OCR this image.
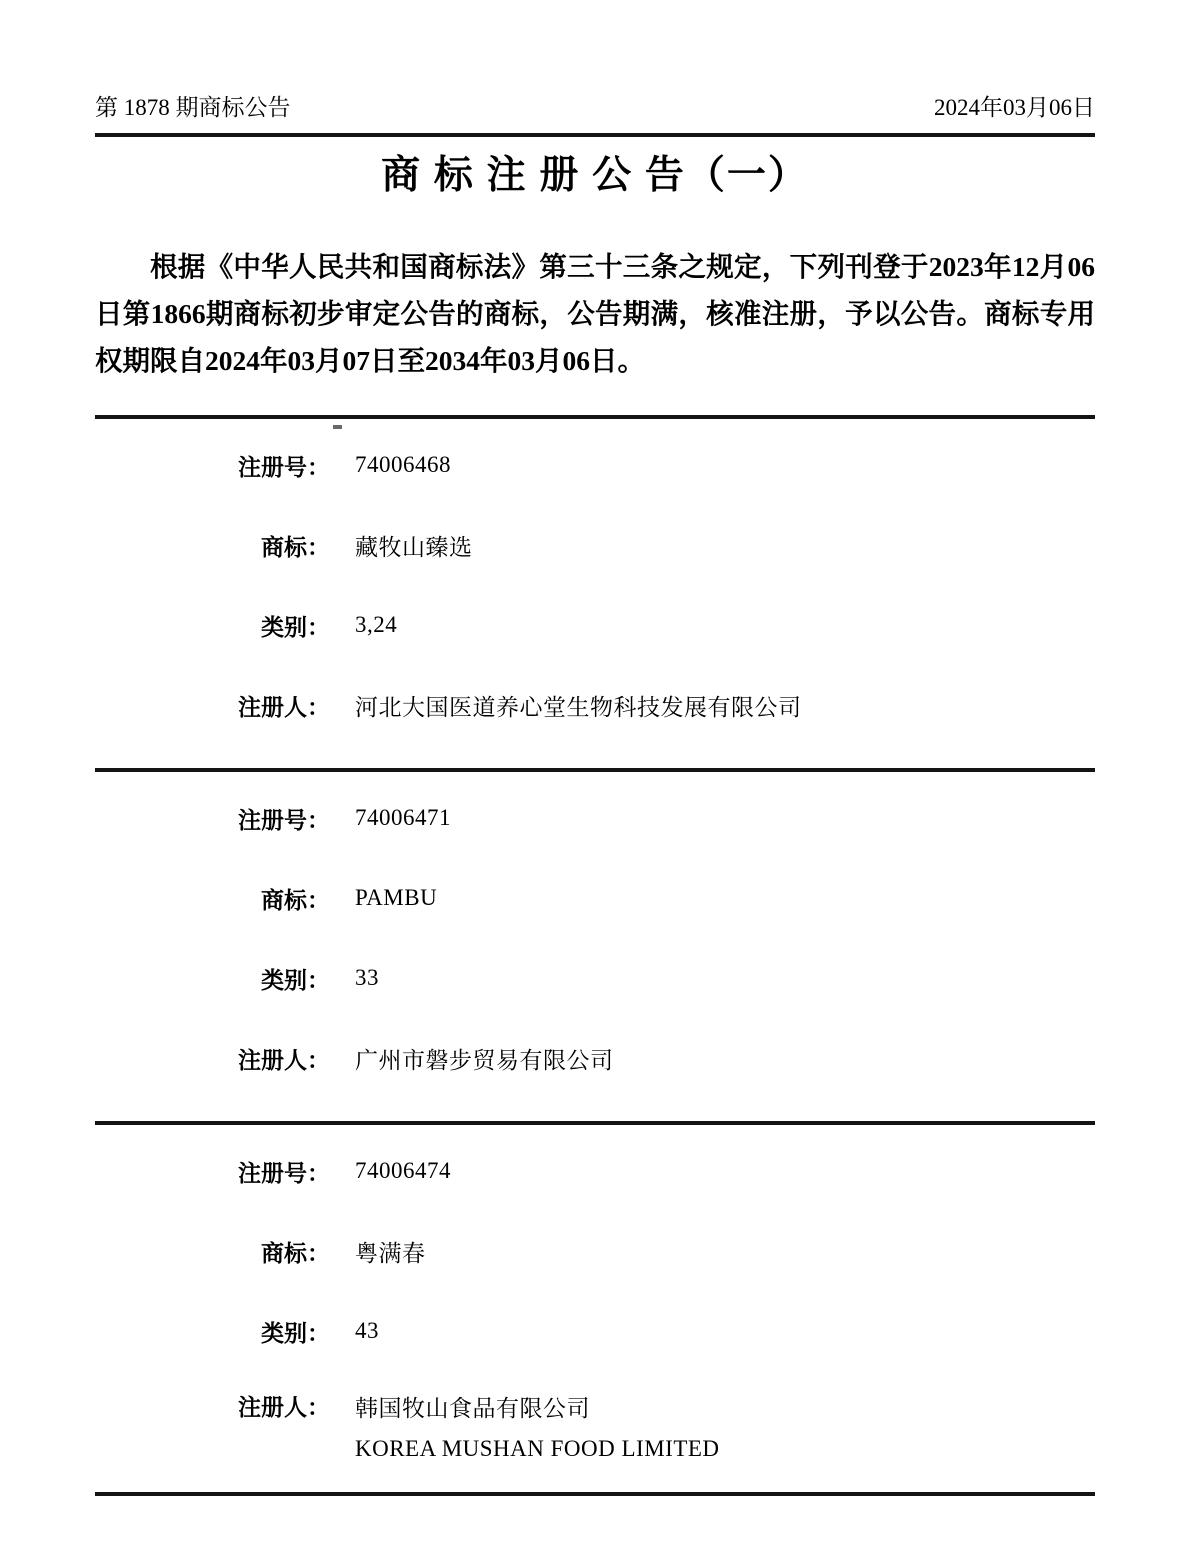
第 1878 期商标公告	2024年03月06日
商 标 注 册 公 告（一）

根据《中华人民共和国商标法》第三十三条之规定，下列刊登于2023年12月06日第1866期商标初步审定公告的商标，公告期满，核准注册，予以公告。商标专用权期限自2024年03月07日至2034年03月06日。

注册号： 74006468
商标： 藏牧山臻选
类别： 3,24
注册人： 河北大国医道养心堂生物科技发展有限公司
注册号： 74006471
商标： PAMBU
类别： 33
注册人： 广州市磐步贸易有限公司
注册号： 74006474
商标： 粤满春
类别： 43
注册人： 韩国牧山食品有限公司
KOREA MUSHAN FOOD LIMITED
